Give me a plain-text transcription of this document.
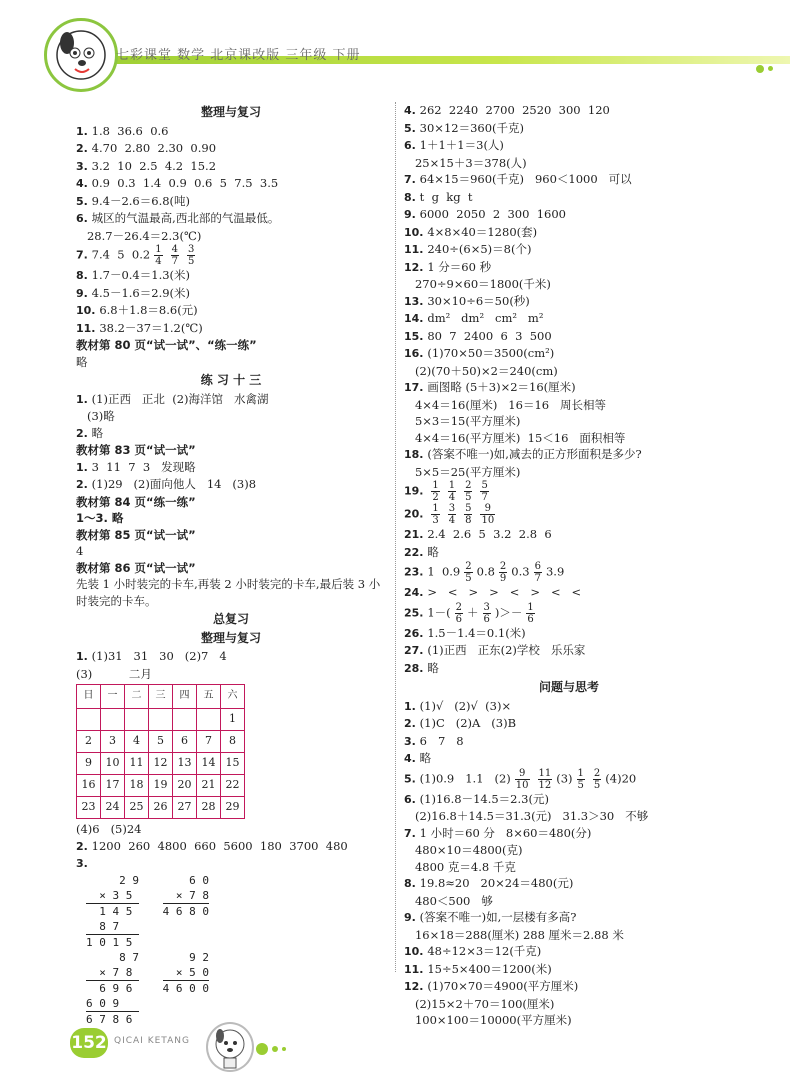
七彩课堂 数学 北京课改版 三年级 下册
整理与复习
1. 1.8  36.6  0.6
2. 4.70  2.80  2.30  0.90
3. 3.2  10  2.5  4.2  15.2
4. 0.9  0.3  1.4  0.9  0.6  5  7.5  3.5
5. 9.4－2.6＝6.8(吨)
6. 城区的气温最高,西北部的气温最低。
28.7－26.4＝2.3(℃)
7. 7.4  5  $0.2 \frac{1}{4} \frac{4}{7} \frac{3}{5}$
8. 1.7－0.4＝1.3(米)
9. 4.5－1.6＝2.9(米)
10. 6.8＋1.8＝8.6(元)
11. 38.2－37＝1.2(℃)
教材第 80 页“试一试”、“练一练”
略
练 习 十 三
1. (1)正西   正北  (2)海洋馆   水禽湖
(3)略
2. 略
教材第 83 页“试一试”
1. 3  11  7  3   发现略
2. (1)29   (2)面向他人   14   (3)8
教材第 84 页“练一练”
1～3. 略
教材第 85 页“试一试”
4
教材第 86 页“试一试”
先装 1 小时装完的卡车,再装 2 小时装完的卡车,最后装 3 小时装完的卡车。
总复习
整理与复习
1. (1)31   31   30   (2)7   4
(3)          二月
日	一	二	三	四	五	六
						1
2	3	4	5	6	7	8
9	10	11	12	13	14	15
16	17	18	19	20	21	22
23	24	25	26	27	28	29
(4)6   (5)24
2. 1200  260  4800  660  5600  180  3700  480
3.
2 9
× 3 5
1 4 5
8 7
1 0 1 5

6 0
× 7 8
4 6 8 0

8 7
× 7 8
6 9 6
6 0 9
6 7 8 6

9 2
× 5 0
4 6 0 0
4. 262  2240  2700  2520  300  120
5. 30×12＝360(千克)
6. 1＋1＋1＝3(人)
25×15＋3＝378(人)
7. 64×15＝960(千克)   960＜1000   可以
8. t  g  kg  t
9. 6000  2050  2  300  1600
10. 4×8×40＝1280(套)
11. 240÷(6×5)＝8(个)
12. 1 分＝60 秒
270÷9×60＝1800(千米)
13. 30×10÷6＝50(秒)
14. dm²   dm²   cm²   m²
15. 80  7  2400  6  3  500
16. (1)70×50＝3500(cm²)
(2)(70＋50)×2＝240(cm)
17. 画图略 (5＋3)×2＝16(厘米)
4×4＝16(厘米)   16＝16   周长相等
5×3＝15(平方厘米)
4×4＝16(平方厘米)  15＜16   面积相等
18. (答案不唯一)如,减去的正方形面积是多少?
5×5＝25(平方厘米)
19. $\frac{1}{2} \frac{1}{4} \frac{2}{5} \frac{5}{7}$
20. $\frac{1}{3} \frac{3}{4} \frac{5}{8} \frac{9}{10}$
21. 2.4  2.6  5  3.2  2.8  6
22. 略
23. 1  $0.9 \frac{2}{5} 0.8 \frac{2}{9} 0.3 \frac{6}{7} 3.9$
24. >   <   >   >   <   >   <   <
25. $1-( \frac{2}{6} + \frac{3}{6}$ )＞－ $\frac{1}{6}$
26. 1.5－1.4＝0.1(米)
27. (1)正西   正东(2)学校   乐乐家
28. 略
问题与思考
1. (1)√   (2)√  (3)×
2. (1)C   (2)A   (3)B
3. 6   7   8
4. 略
5. (1)0.9   1.1   $(2) \frac{9}{10} \frac{11}{12} (3) \frac{1}{5} \frac{2}{5} (4)20$
6. (1)16.8－14.5＝2.3(元)
(2)16.8＋14.5＝31.3(元)   31.3＞30   不够
7. 1 小时＝60 分   8×60＝480(分)
480×10＝4800(克)
4800 克＝4.8 千克
8. 19.8≈20   20×24＝480(元)
480＜500   够
9. (答案不唯一)如,一层楼有多高?
16×18＝288(厘米) 288 厘米＝2.88 米
10. 48÷12×3＝12(千克)
11. 15÷5×400＝1200(米)
12. (1)70×70＝4900(平方厘米)
(2)15×2＋70＝100(厘米)
100×100＝10000(平方厘米)
152 QICAI KETANG
